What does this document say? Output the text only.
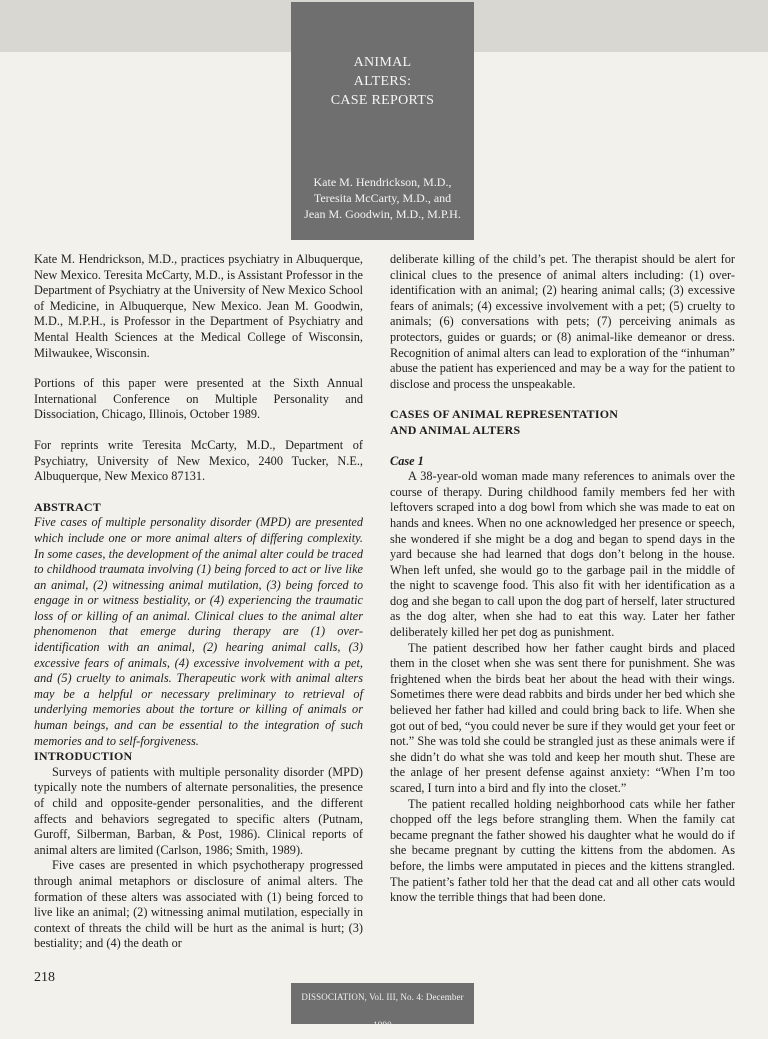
ANIMAL
ALTERS:
CASE REPORTS
Kate M. Hendrickson, M.D.,
Teresita McCarty, M.D., and
Jean M. Goodwin, M.D., M.P.H.

Kate M. Hendrickson, M.D., practices psychiatry in Albuquerque, New Mexico. Teresita McCarty, M.D., is Assistant Professor in the Department of Psychiatry at the University of New Mexico School of Medicine, in Albuquerque, New Mexico. Jean M. Goodwin, M.D., M.P.H., is Professor in the Department of Psychiatry and Mental Health Sciences at the Medical College of Wisconsin, Milwaukee, Wisconsin.

Portions of this paper were presented at the Sixth Annual International Conference on Multiple Personality and Dissociation, Chicago, Illinois, October 1989.

For reprints write Teresita McCarty, M.D., Department of Psychiatry, University of New Mexico, 2400 Tucker, N.E., Albuquerque, New Mexico 87131.

ABSTRACT

Five cases of multiple personality disorder (MPD) are presented which include one or more animal alters of differing complexity. In some cases, the development of the animal alter could be traced to childhood traumata involving (1) being forced to act or live like an animal, (2) witnessing animal mutilation, (3) being forced to engage in or witness bestiality, or (4) experiencing the traumatic loss of or killing of an animal. Clinical clues to the animal alter phenomenon that emerge during therapy are (1) over-identification with an animal, (2) hearing animal calls, (3) excessive fears of animals, (4) excessive involvement with a pet, and (5) cruelty to animals. Therapeutic work with animal alters may be a helpful or necessary preliminary to retrieval of underlying memories about the torture or killing of animals or human beings, and can be essential to the integration of such memories and to self-forgiveness.

INTRODUCTION

Surveys of patients with multiple personality disorder (MPD) typically note the numbers of alternate personalities, the presence of child and opposite-gender personalities, and the different affects and behaviors segregated to specific alters (Putnam, Guroff, Silberman, Barban, & Post, 1986). Clinical reports of animal alters are limited (Carlson, 1986; Smith, 1989).

Five cases are presented in which psychotherapy progressed through animal metaphors or disclosure of animal alters. The formation of these alters was associated with (1) being forced to live like an animal; (2) witnessing animal mutilation, especially in context of threats the child will be hurt as the animal is hurt; (3) bestiality; and (4) the death or

deliberate killing of the child’s pet. The therapist should be alert for clinical clues to the presence of animal alters including: (1) over-identification with an animal; (2) hearing animal calls; (3) excessive fears of animals; (4) excessive involvement with a pet; (5) cruelty to animals; (6) conversations with pets; (7) perceiving animals as protectors, guides or guards; or (8) animal-like demeanor or dress. Recognition of animal alters can lead to exploration of the “inhuman” abuse the patient has experienced and may be a way for the patient to disclose and process the unspeakable.

CASES OF ANIMAL REPRESENTATION
AND ANIMAL ALTERS

Case 1

A 38-year-old woman made many references to animals over the course of therapy. During childhood family members fed her with leftovers scraped into a dog bowl from which she was made to eat on hands and knees. When no one acknowledged her presence or speech, she wondered if she might be a dog and began to spend days in the yard because she had learned that dogs don’t belong in the house. When left unfed, she would go to the garbage pail in the middle of the night to scavenge food. This also fit with her identification as a dog and she began to call upon the dog part of herself, later structured as the dog alter, when she had to eat this way. Later her father deliberately killed her pet dog as punishment.

The patient described how her father caught birds and placed them in the closet when she was sent there for punishment. She was frightened when the birds beat her about the head with their wings. Sometimes there were dead rabbits and birds under her bed which she believed her father had killed and could bring back to life. When she got out of bed, “you could never be sure if they would get your feet or not.” She was told she could be strangled just as these animals were if she didn’t do what she was told and keep her mouth shut. These are the anlage of her present defense against anxiety: “When I’m too scared, I turn into a bird and fly into the closet.”

The patient recalled holding neighborhood cats while her father chopped off the legs before strangling them. When the family cat became pregnant the father showed his daughter what he would do if she became pregnant by cutting the kittens from the abdomen. As before, the limbs were amputated in pieces and the kittens strangled. The patient’s father told her that the dead cat and all other cats would know the terrible things that had been done.

218
DISSOCIATION, Vol. III, No. 4: December 1990
